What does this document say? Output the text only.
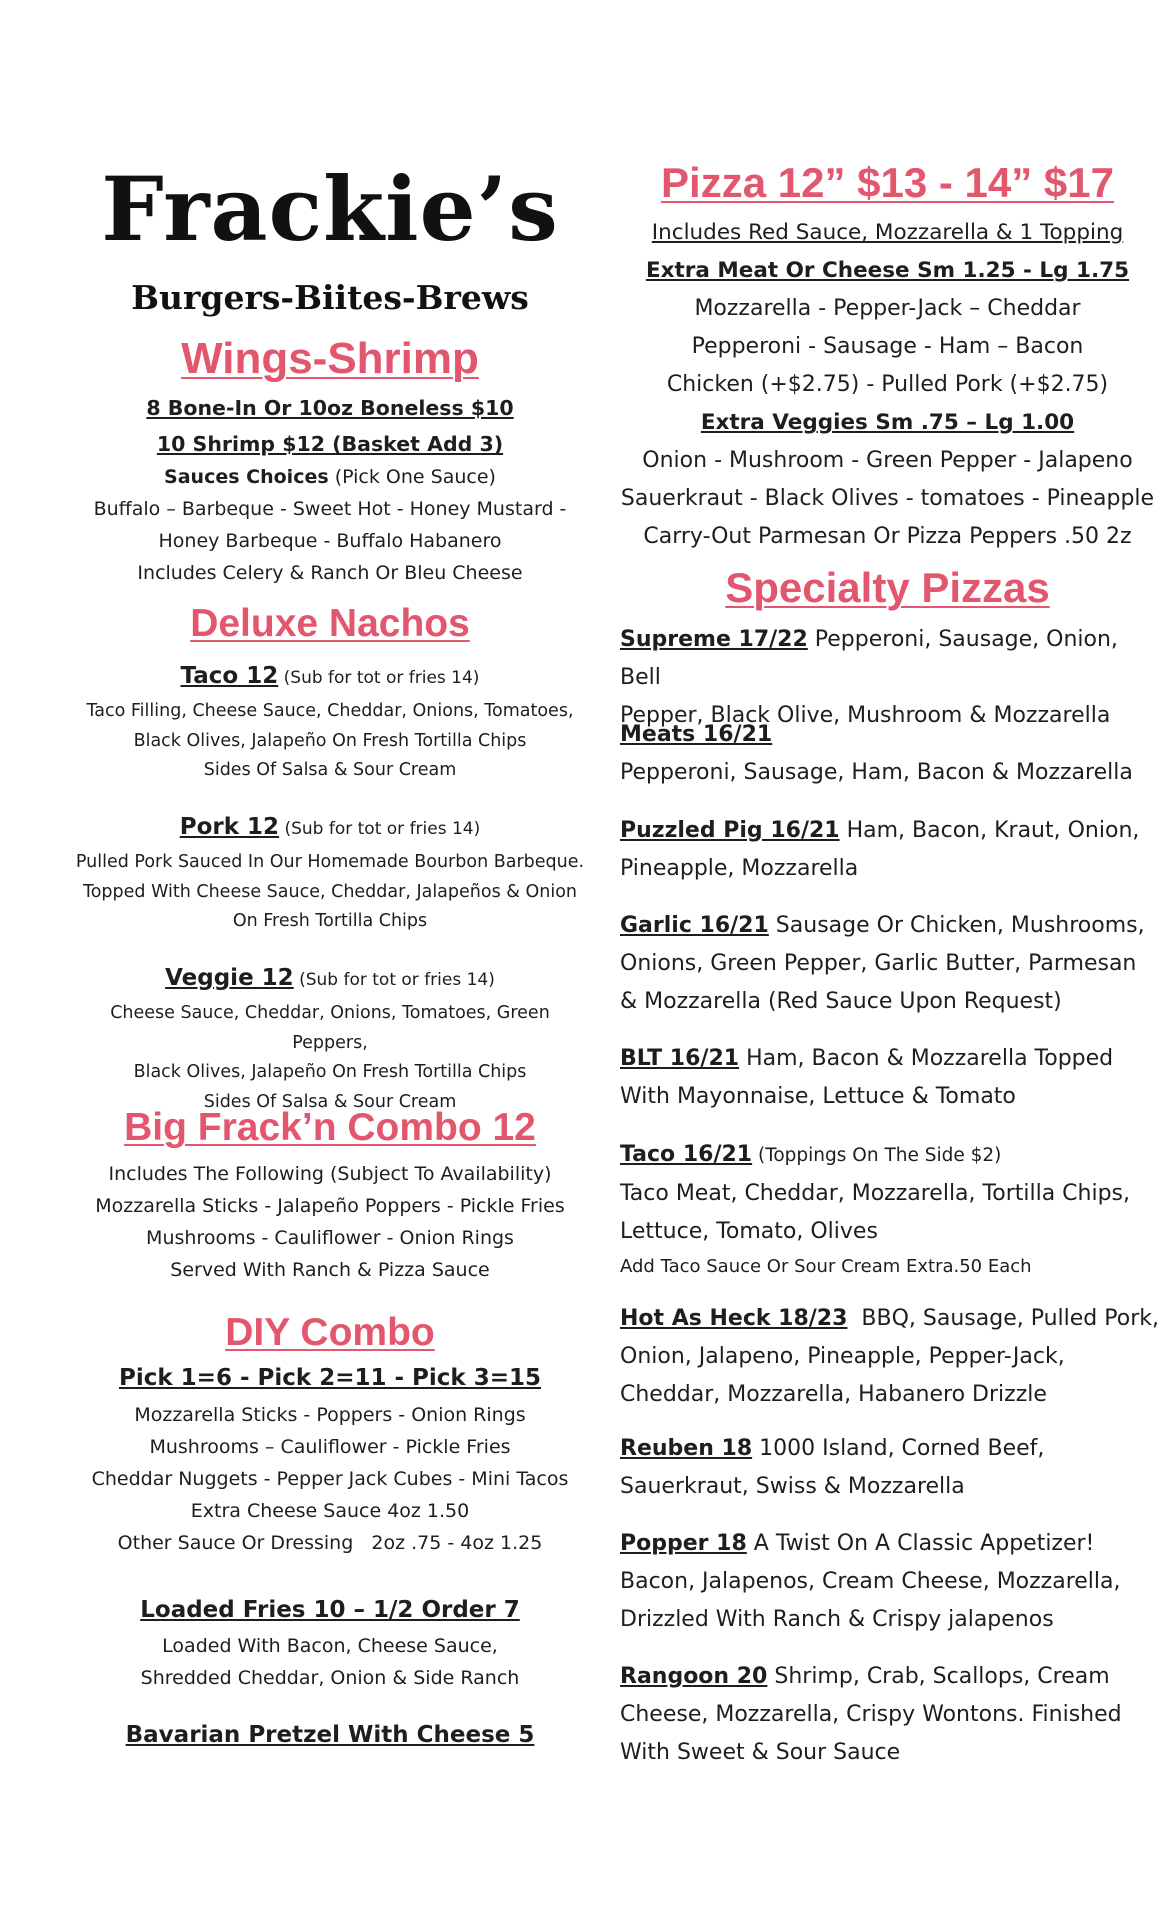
Frackie’s
Burgers-Biites-Brews
Wings-Shrimp
8 Bone-In Or 10oz Boneless $10
10 Shrimp $12 (Basket Add 3)
Sauces Choices (Pick One Sauce)
Buffalo – Barbeque - Sweet Hot - Honey Mustard -
Honey Barbeque - Buffalo Habanero
Includes Celery & Ranch Or Bleu Cheese
Deluxe Nachos
Taco 12 (Sub for tot or fries 14)
Taco Filling, Cheese Sauce, Cheddar, Onions, Tomatoes,
Black Olives, Jalapeño On Fresh Tortilla Chips
Sides Of Salsa & Sour Cream
Pork 12 (Sub for tot or fries 14)
Pulled Pork Sauced In Our Homemade Bourbon Barbeque.
Topped With Cheese Sauce, Cheddar, Jalapeños & Onion
On Fresh Tortilla Chips
Veggie 12 (Sub for tot or fries 14)
Cheese Sauce, Cheddar, Onions, Tomatoes, Green Peppers,
Black Olives, Jalapeño On Fresh Tortilla Chips
Sides Of Salsa & Sour Cream
Big Frack’n Combo 12
Includes The Following (Subject To Availability)
Mozzarella Sticks - Jalapeño Poppers - Pickle Fries
Mushrooms - Cauliflower - Onion Rings
Served With Ranch & Pizza Sauce
DIY Combo
Pick 1=6 - Pick 2=11 - Pick 3=15
Mozzarella Sticks - Poppers - Onion Rings
Mushrooms – Cauliflower - Pickle Fries
Cheddar Nuggets - Pepper Jack Cubes - Mini Tacos
Extra Cheese Sauce 4oz 1.50
Other Sauce Or Dressing   2oz .75 - 4oz 1.25
Loaded Fries 10 – 1/2 Order 7
Loaded With Bacon, Cheese Sauce,
Shredded Cheddar, Onion & Side Ranch
Bavarian Pretzel With Cheese 5
Pizza 12” $13 - 14” $17
Includes Red Sauce, Mozzarella & 1 Topping
Extra Meat Or Cheese Sm 1.25 - Lg 1.75
Mozzarella - Pepper-Jack – Cheddar
Pepperoni - Sausage - Ham – Bacon
Chicken (+$2.75) - Pulled Pork (+$2.75)
Extra Veggies Sm .75 – Lg 1.00
Onion - Mushroom - Green Pepper - Jalapeno
Sauerkraut - Black Olives - tomatoes - Pineapple
Carry-Out Parmesan Or Pizza Peppers .50 2z
Specialty Pizzas
Supreme 17/22 Pepperoni, Sausage, Onion, Bell
Pepper, Black Olive, Mushroom & Mozzarella
Meats 16/21
Pepperoni, Sausage, Ham, Bacon & Mozzarella
Puzzled Pig 16/21 Ham, Bacon, Kraut, Onion,
Pineapple, Mozzarella
Garlic 16/21 Sausage Or Chicken, Mushrooms,
Onions, Green Pepper, Garlic Butter, Parmesan
& Mozzarella (Red Sauce Upon Request)
BLT 16/21 Ham, Bacon & Mozzarella Topped
With Mayonnaise, Lettuce & Tomato
Taco 16/21 (Toppings On The Side $2)
Taco Meat, Cheddar, Mozzarella, Tortilla Chips,
Lettuce, Tomato, Olives
Add Taco Sauce Or Sour Cream Extra.50 Each
Hot As Heck 18/23  BBQ, Sausage, Pulled Pork,
Onion, Jalapeno, Pineapple, Pepper-Jack,
Cheddar, Mozzarella, Habanero Drizzle
Reuben 18 1000 Island, Corned Beef,
Sauerkraut, Swiss & Mozzarella
Popper 18 A Twist On A Classic Appetizer!
Bacon, Jalapenos, Cream Cheese, Mozzarella,
Drizzled With Ranch & Crispy jalapenos
Rangoon 20 Shrimp, Crab, Scallops, Cream
Cheese, Mozzarella, Crispy Wontons. Finished
With Sweet & Sour Sauce
